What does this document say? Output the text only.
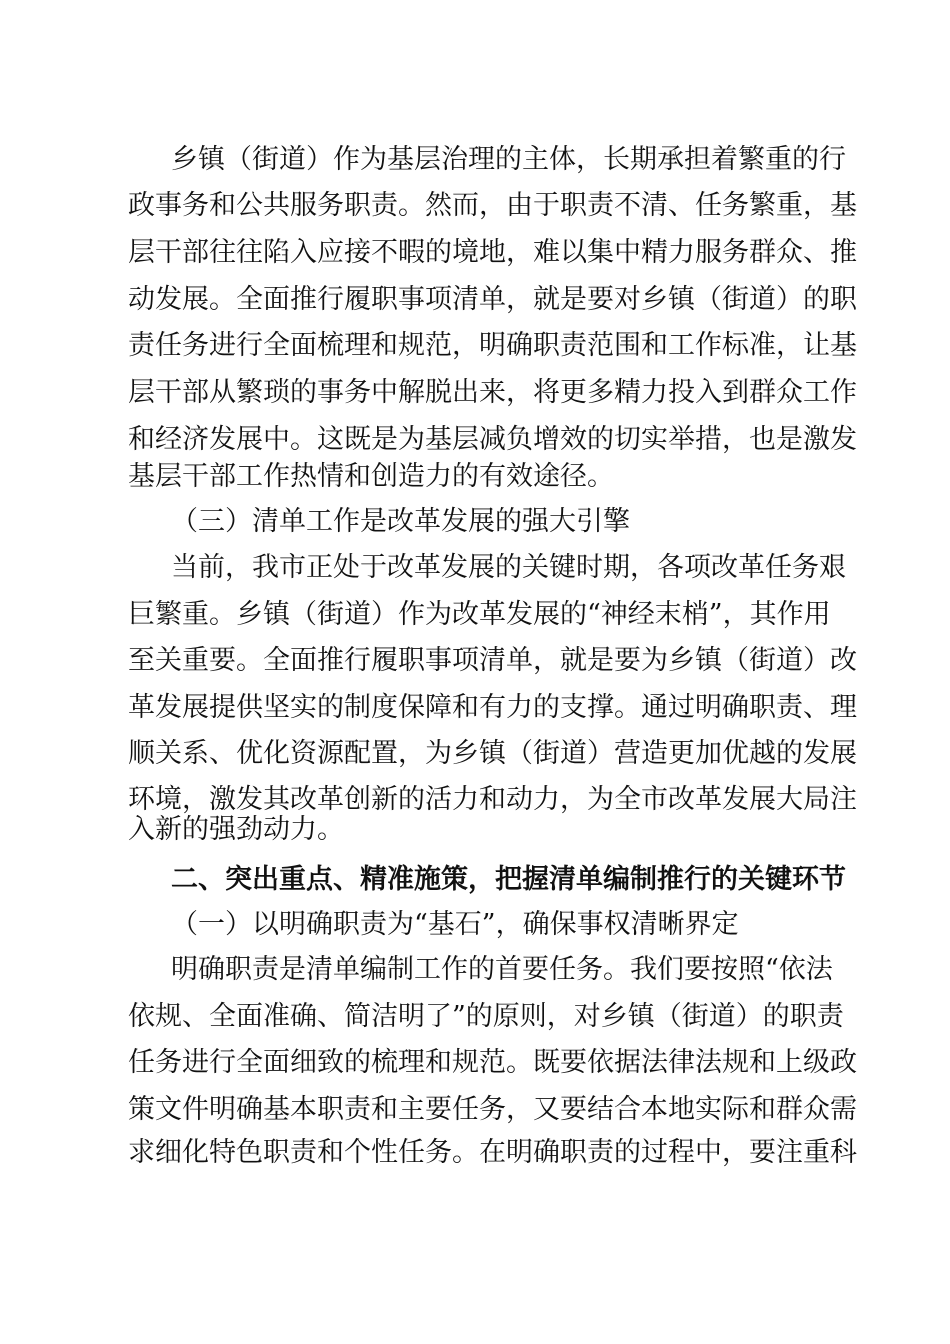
乡镇（街道）作为基层治理的主体，长期承担着繁重的行

政事务和公共服务职责。然而，由于职责不清、任务繁重，基

层干部往往陷入应接不暇的境地，难以集中精力服务群众、推

动发展。全面推行履职事项清单，就是要对乡镇（街道）的职

责任务进行全面梳理和规范，明确职责范围和工作标准，让基

层干部从繁琐的事务中解脱出来，将更多精力投入到群众工作

和经济发展中。这既是为基层减负增效的切实举措，也是激发

基层干部工作热情和创造力的有效途径。

（三）清单工作是改革发展的强大引擎

当前，我市正处于改革发展的关键时期，各项改革任务艰

巨繁重。乡镇（街道）作为改革发展的“神经末梢”，其作用

至关重要。全面推行履职事项清单，就是要为乡镇（街道）改

革发展提供坚实的制度保障和有力的支撑。通过明确职责、理

顺关系、优化资源配置，为乡镇（街道）营造更加优越的发展

环境，激发其改革创新的活力和动力，为全市改革发展大局注

入新的强劲动力。

二、突出重点、精准施策，把握清单编制推行的关键环节

（一）以明确职责为“基石”，确保事权清晰界定

明确职责是清单编制工作的首要任务。我们要按照“依法

依规、全面准确、简洁明了”的原则，对乡镇（街道）的职责

任务进行全面细致的梳理和规范。既要依据法律法规和上级政

策文件明确基本职责和主要任务，又要结合本地实际和群众需

求细化特色职责和个性任务。在明确职责的过程中，要注重科
